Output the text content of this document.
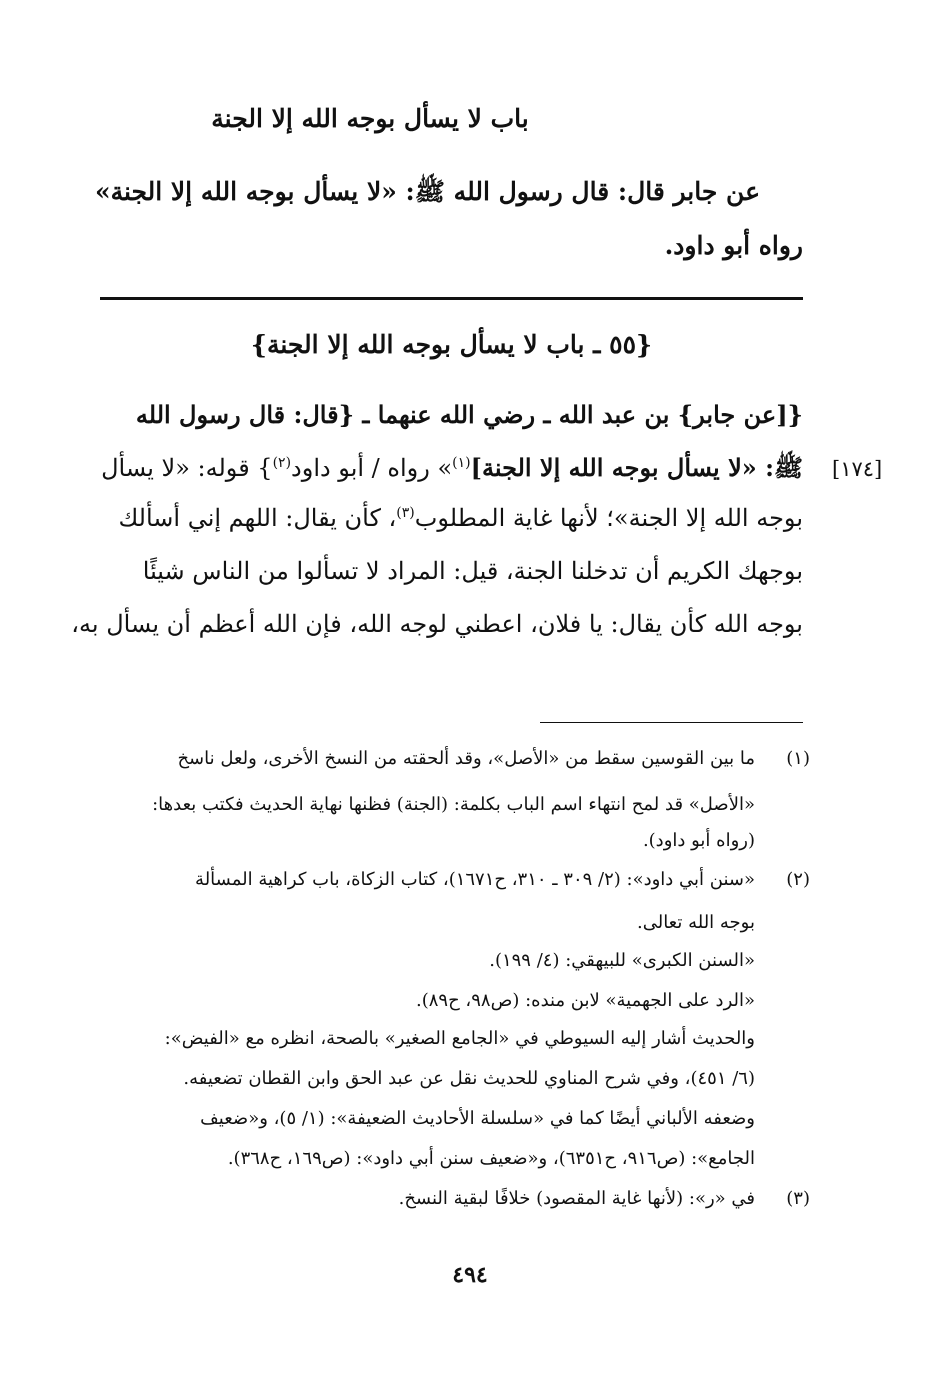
باب لا يسأل بوجه الله إلا الجنة
عن جابر قال: قال رسول الله ﷺ: «لا يسأل بوجه الله إلا الجنة»
رواه أبو داود.
{٥٥ ـ باب لا يسأل بوجه الله إلا الجنة}
[١٧٤]
{[عن جابر} بن عبد الله ـ رضي الله عنهما ـ {قال: قال رسول الله
ﷺ: «لا يسأل بوجه الله إلا الجنة]$^{(١)}$» رواه / أبو داود$^{(٢)}$} قوله: «لا يسأل
بوجه الله إلا الجنة»؛ لأنها غاية المطلوب$^{(٣)}$، كأن يقال: اللهم إني أسألك
بوجهك الكريم أن تدخلنا الجنة، قيل: المراد لا تسألوا من الناس شيئًا
بوجه الله كأن يقال: يا فلان، اعطني لوجه الله، فإن الله أعظم أن يسأل به،
(١)
ما بين القوسين سقط من «الأصل»، وقد ألحقته من النسخ الأخرى، ولعل ناسخ
«الأصل» قد لمح انتهاء اسم الباب بكلمة: (الجنة) فظنها نهاية الحديث فكتب بعدها:
(رواه أبو داود).
(٢)
«سنن أبي داود»: (٢/ ٣٠٩ ـ ٣١٠، ح١٦٧١)، كتاب الزكاة، باب كراهية المسألة
بوجه الله تعالى.
«السنن الكبرى» للبيهقي: (٤/ ١٩٩).
«الرد على الجهمية» لابن منده: (ص٩٨، ح٨٩).
والحديث أشار إليه السيوطي في «الجامع الصغير» بالصحة، انظره مع «الفيض»:
(٦/ ٤٥١)، وفي شرح المناوي للحديث نقل عن عبد الحق وابن القطان تضعيفه.
وضعفه الألباني أيضًا كما في «سلسلة الأحاديث الضعيفة»: (١/ ٥)، و«ضعيف
الجامع»: (ص٩١٦، ح٦٣٥١)، و«ضعيف سنن أبي داود»: (ص١٦٩، ح٣٦٨).
(٣)
في «ر»: (لأنها غاية المقصود) خلافًا لبقية النسخ.
٤٩٤
